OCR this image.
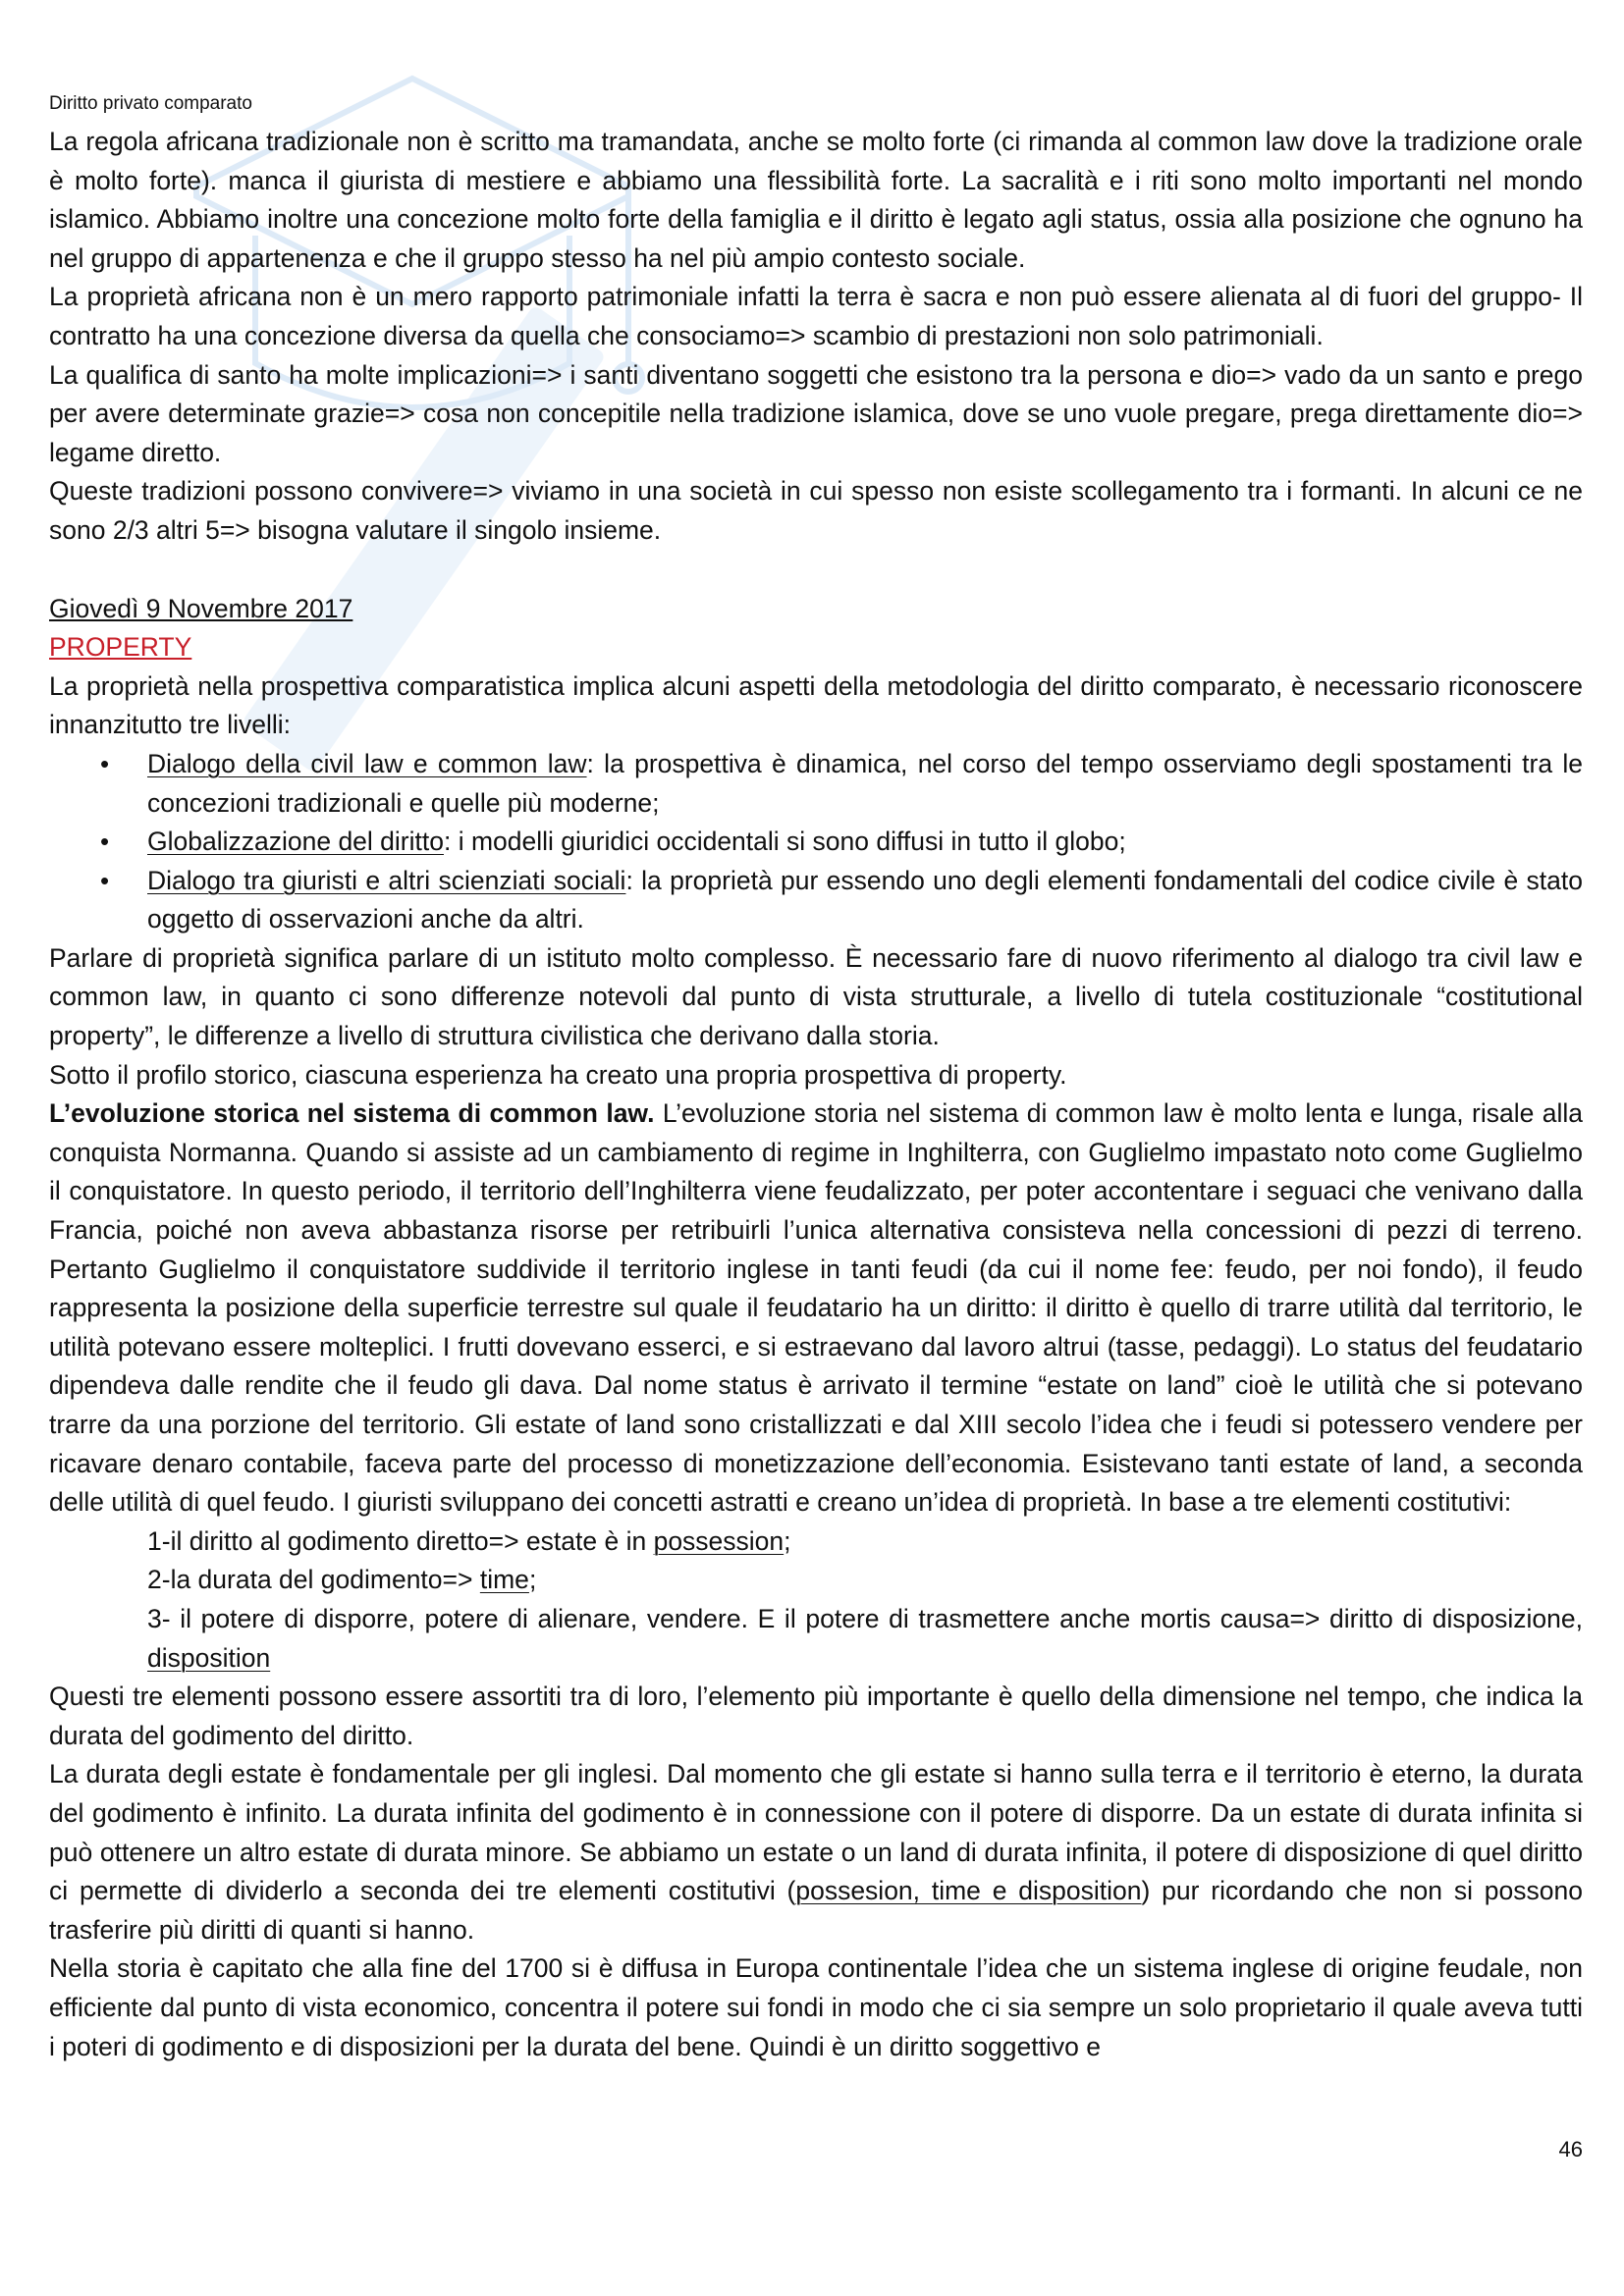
Diritto privato comparato

La regola africana tradizionale non è scritto ma tramandata, anche se molto forte (ci rimanda al common law dove la tradizione orale è molto forte). manca il giurista di mestiere e abbiamo una flessibilità forte. La sacralità e i riti sono molto importanti nel mondo islamico. Abbiamo inoltre una concezione molto forte della famiglia e il diritto è legato agli status, ossia alla posizione che ognuno ha nel gruppo di appartenenza e che il gruppo stesso ha nel più ampio contesto sociale.

La proprietà africana non è un mero rapporto patrimoniale infatti la terra è sacra e non può essere alienata al di fuori del gruppo- Il contratto ha una concezione diversa da quella che consociamo=> scambio di prestazioni non solo patrimoniali.

La qualifica di santo ha molte implicazioni=> i santi diventano soggetti che esistono tra la persona e dio=> vado da un santo e prego per avere determinate grazie=> cosa non concepitile nella tradizione islamica, dove se uno vuole pregare, prega direttamente dio=> legame diretto.

Queste tradizioni possono convivere=> viviamo in una società in cui spesso non esiste scollegamento tra i formanti. In alcuni ce ne sono 2/3 altri 5=> bisogna valutare il singolo insieme.

Giovedì 9 Novembre 2017

PROPERTY

La proprietà nella prospettiva comparatistica implica alcuni aspetti della metodologia del diritto comparato, è necessario riconoscere innanzitutto tre livelli:

• Dialogo della civil law e common law: la prospettiva è dinamica, nel corso del tempo osserviamo degli spostamenti tra le concezioni tradizionali e quelle più moderne;
• Globalizzazione del diritto: i modelli giuridici occidentali si sono diffusi in tutto il globo;
• Dialogo tra giuristi e altri scienziati sociali: la proprietà pur essendo uno degli elementi fondamentali del codice civile è stato oggetto di osservazioni anche da altri.

Parlare di proprietà significa parlare di un istituto molto complesso. È necessario fare di nuovo riferimento al dialogo tra civil law e common law, in quanto ci sono differenze notevoli dal punto di vista strutturale, a livello di tutela costituzionale “costitutional property”, le differenze a livello di struttura civilistica che derivano dalla storia.

Sotto il profilo storico, ciascuna esperienza ha creato una propria prospettiva di property.

L’evoluzione storica nel sistema di common law. L’evoluzione storia nel sistema di common law è molto lenta e lunga, risale alla conquista Normanna. Quando si assiste ad un cambiamento di regime in Inghilterra, con Guglielmo impastato noto come Guglielmo il conquistatore. In questo periodo, il territorio dell’Inghilterra viene feudalizzato, per poter accontentare i seguaci che venivano dalla Francia, poiché non aveva abbastanza risorse per retribuirli l’unica alternativa consisteva nella concessioni di pezzi di terreno. Pertanto Guglielmo il conquistatore suddivide il territorio inglese in tanti feudi (da cui il nome fee: feudo, per noi fondo), il feudo rappresenta la posizione della superficie terrestre sul quale il feudatario ha un diritto: il diritto è quello di trarre utilità dal territorio, le utilità potevano essere molteplici. I frutti dovevano esserci, e si estraevano dal lavoro altrui (tasse, pedaggi). Lo status del feudatario dipendeva dalle rendite che il feudo gli dava. Dal nome status è arrivato il termine “estate on land” cioè le utilità che si potevano trarre da una porzione del territorio. Gli estate of land sono cristallizzati e dal XIII secolo l’idea che i feudi si potessero vendere per ricavare denaro contabile, faceva parte del processo di monetizzazione dell’economia. Esistevano tanti estate of land, a seconda delle utilità di quel feudo. I giuristi sviluppano dei concetti astratti e creano un’idea di proprietà. In base a tre elementi costitutivi:

1-il diritto al godimento diretto=> estate è in possession;

2-la durata del godimento=> time;

3- il potere di disporre, potere di alienare, vendere. E il potere di trasmettere anche mortis causa=> diritto di disposizione, disposition

Questi tre elementi possono essere assortiti tra di loro, l’elemento più importante è quello della dimensione nel tempo, che indica la durata del godimento del diritto.

La durata degli estate è fondamentale per gli inglesi. Dal momento che gli estate si hanno sulla terra e il territorio è eterno, la durata del godimento è infinito. La durata infinita del godimento è in connessione con il potere di disporre. Da un estate di durata infinita si può ottenere un altro estate di durata minore. Se abbiamo un estate o un land di durata infinita, il potere di disposizione di quel diritto ci permette di dividerlo a seconda dei tre elementi costitutivi (possesion, time e disposition) pur ricordando che non si possono trasferire più diritti di quanti si hanno.

Nella storia è capitato che alla fine del 1700 si è diffusa in Europa continentale l’idea che un sistema inglese di origine feudale, non efficiente dal punto di vista economico, concentra il potere sui fondi in modo che ci sia sempre un solo proprietario il quale aveva tutti i poteri di godimento e di disposizioni per la durata del bene. Quindi è un diritto soggettivo e

46
